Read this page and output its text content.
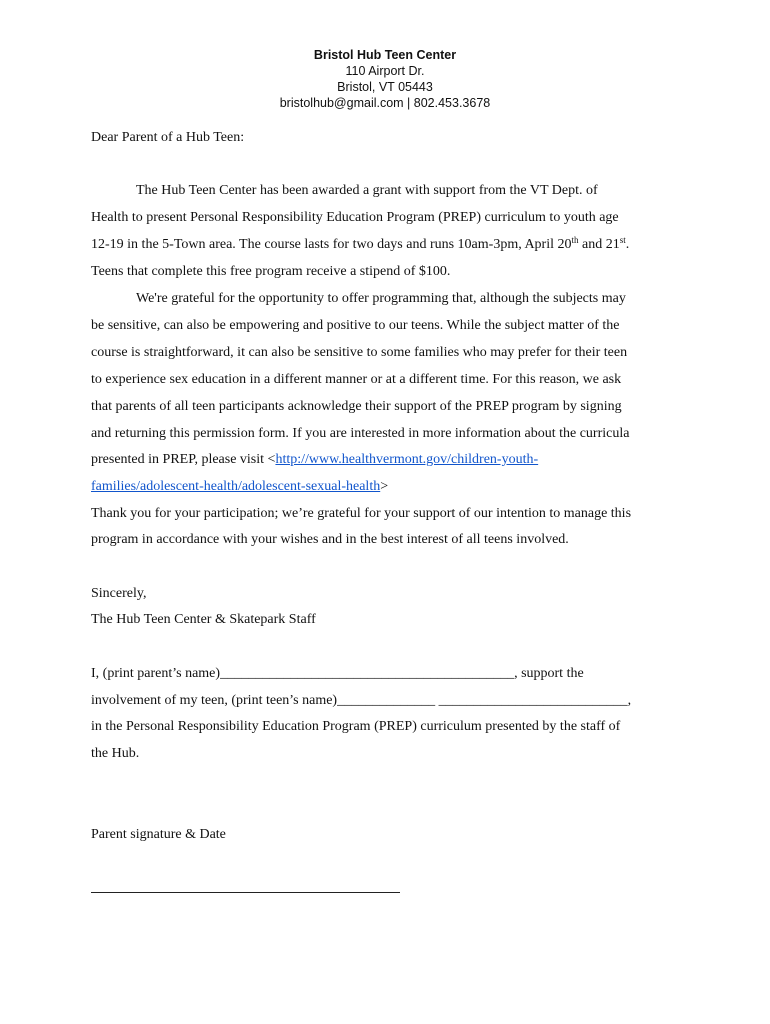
Bristol Hub Teen Center
110 Airport Dr.
Bristol, VT 05443
bristolhub@gmail.com | 802.453.3678
Dear Parent of a Hub Teen:
The Hub Teen Center has been awarded a grant with support from the VT Dept. of
Health to present Personal Responsibility Education Program (PREP) curriculum to youth age
12-19 in the 5-Town area. The course lasts for two days and runs 10am-3pm, April 20th and 21st.
Teens that complete this free program receive a stipend of $100.
We're grateful for the opportunity to offer programming that, although the subjects may
be sensitive, can also be empowering and positive to our teens. While the subject matter of the
course is straightforward, it can also be sensitive to some families who may prefer for their teen
to experience sex education in a different manner or at a different time. For this reason, we ask
that parents of all teen participants acknowledge their support of the PREP program by signing
and returning this permission form. If you are interested in more information about the curricula
presented in PREP, please visit <http://www.healthvermont.gov/children-youth-
families/adolescent-health/adolescent-sexual-health>
Thank you for your participation; we’re grateful for your support of our intention to manage this
program in accordance with your wishes and in the best interest of all teens involved.
Sincerely,
The Hub Teen Center & Skatepark Staff
I, (print parent’s name)__________________________________________, support the
involvement of my teen, (print teen’s name)______________ ___________________________,
in the Personal Responsibility Education Program (PREP) curriculum presented by the staff of
the Hub.
Parent signature & Date
